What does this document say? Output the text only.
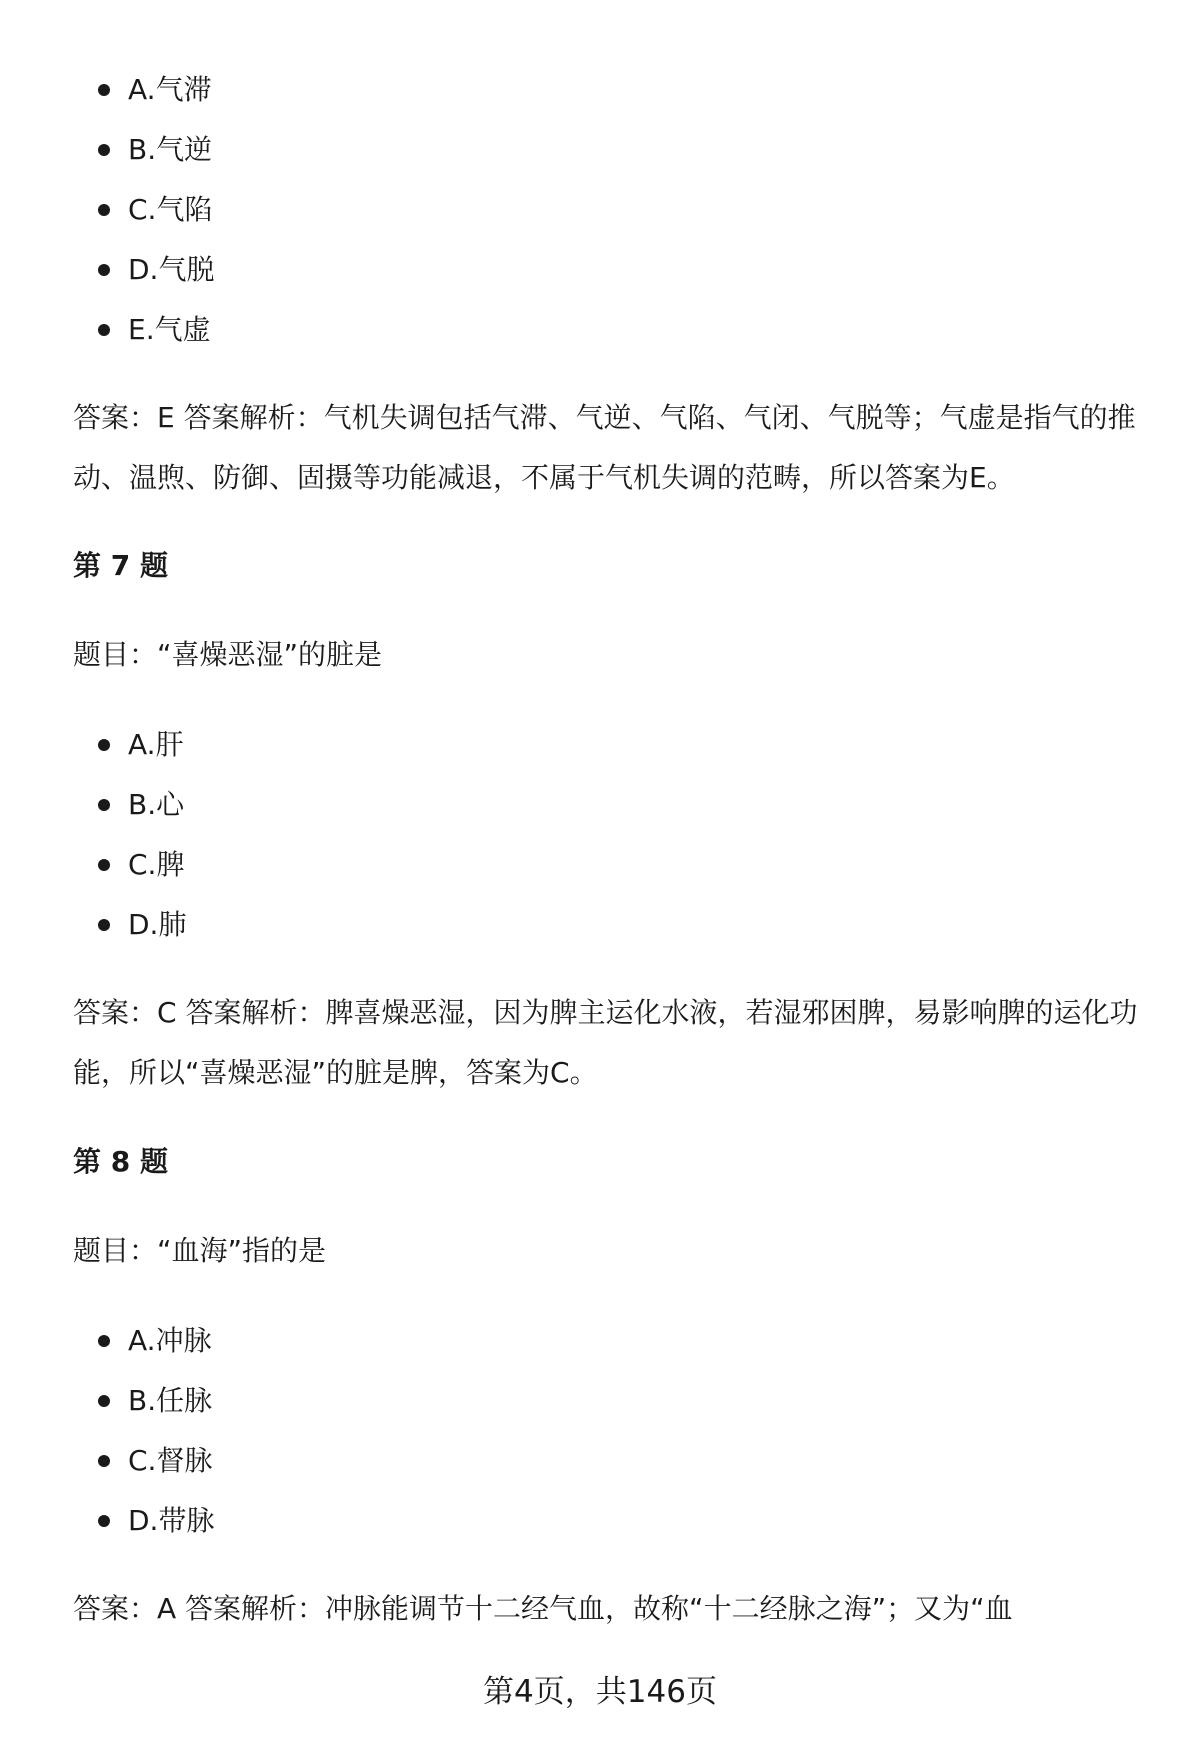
A.气滞
B.气逆
C.气陷
D.气脱
E.气虚

答案：E 答案解析：气机失调包括气滞、气逆、气陷、气闭、气脱等；气虚是指气的推动、温煦、防御、固摄等功能减退，不属于气机失调的范畴，所以答案为E。

第 7 题

题目：“喜燥恶湿”的脏是

A.肝
B.心
C.脾
D.肺

答案：C 答案解析：脾喜燥恶湿，因为脾主运化水液，若湿邪困脾，易影响脾的运化功能，所以“喜燥恶湿”的脏是脾，答案为C。

第 8 题

题目：“血海”指的是

A.冲脉
B.任脉
C.督脉
D.带脉

答案：A 答案解析：冲脉能调节十二经气血，故称“十二经脉之海”；又为“血

第4页，共146页
